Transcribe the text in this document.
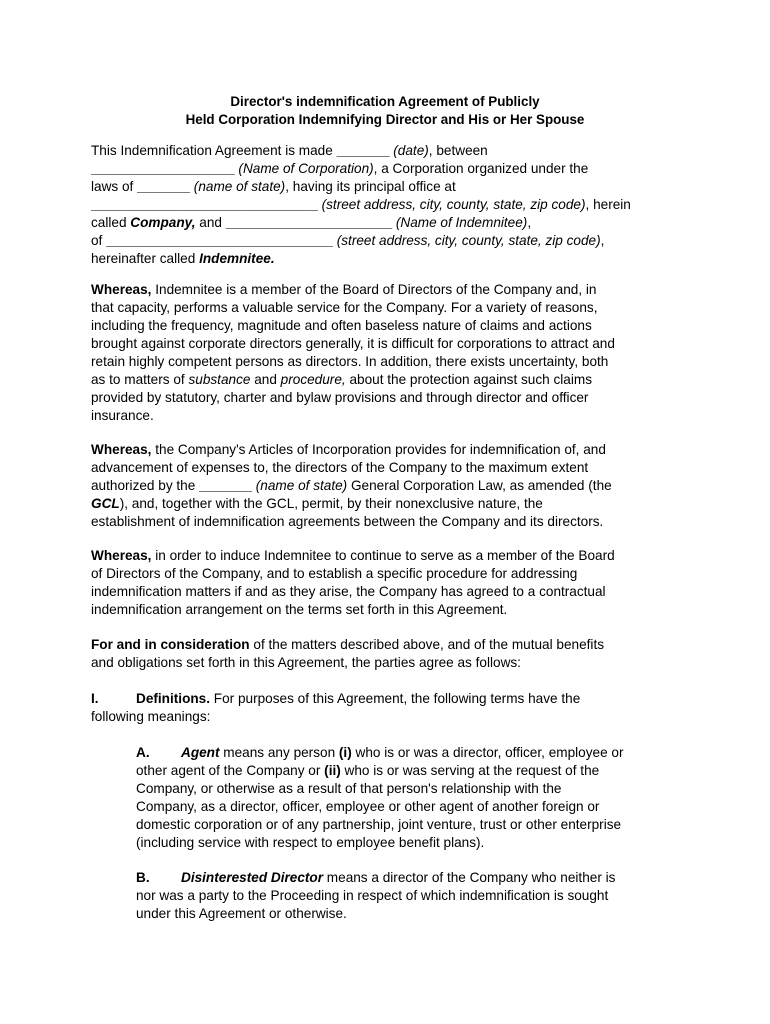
Director's indemnification Agreement of Publicly
Held Corporation Indemnifying Director and His or Her Spouse
This Indemnification Agreement is made _______ (date), between
___________________ (Name of Corporation), a Corporation organized under the
laws of _______ (name of state), having its principal office at
______________________________ (street address, city, county, state, zip code), herein
called Company, and ______________________ (Name of Indemnitee),
of ______________________________ (street address, city, county, state, zip code),
hereinafter called Indemnitee.
Whereas, Indemnitee is a member of the Board of Directors of the Company and, in
that capacity, performs a valuable service for the Company. For a variety of reasons,
including the frequency, magnitude and often baseless nature of claims and actions
brought against corporate directors generally, it is difficult for corporations to attract and
retain highly competent persons as directors. In addition, there exists uncertainty, both
as to matters of substance and procedure, about the protection against such claims
provided by statutory, charter and bylaw provisions and through director and officer
insurance.
Whereas, the Company's Articles of Incorporation provides for indemnification of, and
advancement of expenses to, the directors of the Company to the maximum extent
authorized by the _______ (name of state) General Corporation Law, as amended (the
GCL), and, together with the GCL, permit, by their nonexclusive nature, the
establishment of indemnification agreements between the Company and its directors.
Whereas, in order to induce Indemnitee to continue to serve as a member of the Board
of Directors of the Company, and to establish a specific procedure for addressing
indemnification matters if and as they arise, the Company has agreed to a contractual
indemnification arrangement on the terms set forth in this Agreement.
For and in consideration of the matters described above, and of the mutual benefits
and obligations set forth in this Agreement, the parties agree as follows:
I.	Definitions. For purposes of this Agreement, the following terms have the
following meanings:
A. Agent means any person (i) who is or was a director, officer, employee or
other agent of the Company or (ii) who is or was serving at the request of the
Company, or otherwise as a result of that person's relationship with the
Company, as a director, officer, employee or other agent of another foreign or
domestic corporation or of any partnership, joint venture, trust or other enterprise
(including service with respect to employee benefit plans).
B. Disinterested Director means a director of the Company who neither is
nor was a party to the Proceeding in respect of which indemnification is sought
under this Agreement or otherwise.
